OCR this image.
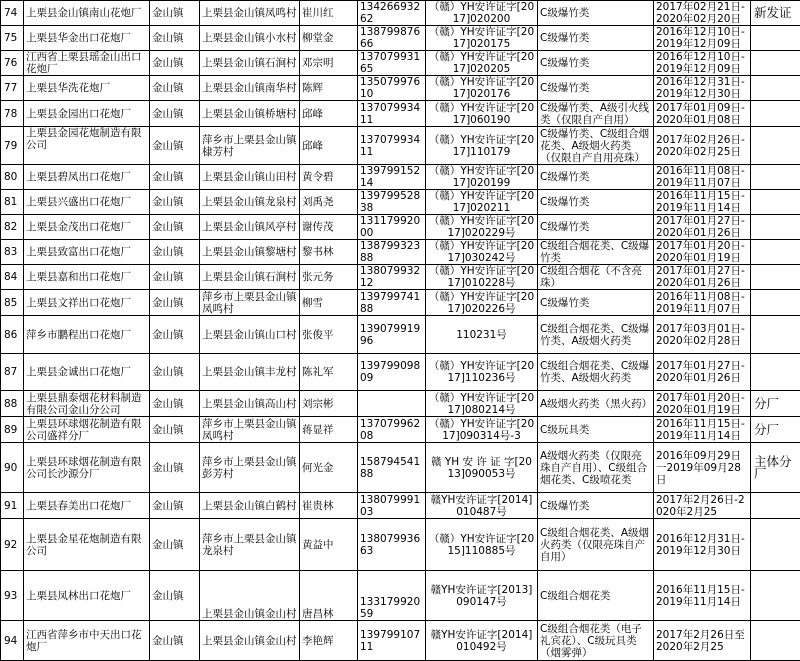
74	上栗县金山镇南山花炮厂	金山镇	上栗县金山镇凤鸣村	崔川红	13426693262	（赣）YH安许证字[2017]020200	C级爆竹类	2017年02月21日-2020年02月20日	新发证
75	上栗县华金出口花炮厂	金山镇	上栗县金山镇小水村	柳堂金	13879987666	（赣）YH安许证字[2017]020175	C级爆竹类	2016年12月10日-2019年12月09日	
76	江西省上栗县瑶金山出口花炮厂	金山镇	上栗县金山镇石涧村	邓宗明	13707993165	（赣）YH安许证字[2017]020205	C级爆竹类	2016年12月10日-2019年12月09日	
77	上栗县华洗花炮厂	金山镇	上栗县金山镇南华村	陈辉	13507997610	（赣）YH安许证字[2017]020176	C级爆竹类	2016年12月31日-2019年12月30日	
78	上栗县金园出口花炮厂	金山镇	上栗县金山镇桥塘村	邱峰	13707993411	（赣）YH安许证字[2017]060190	C级爆竹类、A级引火线类（仅限自产自用）	2017年01月09日-2020年01月08日	
79	上栗县金园花炮制造有限公司	金山镇	萍乡市上栗县金山镇棣芳村	邱峰	13707993411	（赣）YH安许证字[2017]110179	C级爆竹类、C级组合烟花类、A级烟火药类（仅限自产自用亮珠）	2017年02月26日-2020年02月25日	
80	上栗县碧凤出口花炮厂	金山镇	上栗县金山镇山田村	黄令碧	13979915214	（赣）YH安许证字[2017]020199	C级爆竹类	2016年11月08日-2019年11月07日	
81	上栗县兴盛出口花炮厂	金山镇	上栗县金山镇龙泉村	刘禹尧	13979952838	（赣）YH安许证字[2017]020211	C级爆竹类	2016年11月15日-2019年11月14日	
82	上栗县金茂出口花炮厂	金山镇	上栗县金山镇风亭村	谢传茂	13117992000	（赣）YH安许证字[2017]020229号	C级爆竹类	2017年01月27日-2020年01月26日	
83	上栗县致富出口花炮厂	金山镇	上栗县金山镇黎塘村	黎书林	13879932388	（赣）YH安许证字[2017]030242号	C级组合烟花类、C级爆竹类	2017年01月20日-2020年01月19日	
84	上栗县嘉和出口花炮厂	金山镇	上栗县金山镇石涧村	张元务	13807993212	（赣）YH安许证字[2017]010228号	C级组合烟花（不含亮珠）	2017年01月27日-2020年01月26日	
85	上栗县文祥出口花炮厂	金山镇	萍乡市上栗县金山镇凤鸣村	柳雪	13979974188	（赣）YH安许证字[2017]020226号	C级爆竹类	2016年11月08日-2019年11月07日	
86	萍乡市鹏程出口花炮厂	金山镇	上栗县金山镇山口村	张俊平	13907991996	110231号	C级组合烟花类、C级爆竹类、A级烟火药类	2017年03月01日-2020年02月28日	
87	上栗县金诚出口花炮厂	金山镇	上栗县金山镇丰龙村	陈礼军	13979909809	（赣）YH安许证字[2017]110236号	C级组合烟花类、C级爆竹类、A级烟火药类	2017年01月27日-2020年01月26日	
88	上栗县鼎泰烟花材料制造有限公司金山分公司	金山镇	上栗县金山镇高山村	刘宗彬		（赣）YH安许证字[2017]080214号	A级烟火药类（黑火药）	2017年01月20日-2020年01月19日	分厂
89	上栗县环球烟花制造有限公司盛祥分厂	金山镇	萍乡市上栗县金山镇凤鸣村	蒋显祥	13707996208	（赣）YH安许证字[2017]090314号-3	C级玩具类	2016年11月15日-2019年11月14日	分厂
90	上栗县环球烟花制造有限公司长沙源分厂	金山镇	萍乡市上栗县金山镇彭芳村	何光金	15879454188	赣 YH 安 许 证 字[2013]090053号	A级烟火药类（仅限亮珠自产自用）、C级组合烟花类、C级喷花类	2016年09月29日一2019年09月28日	主体分厂
91	上栗县春美出口花炮厂	金山镇	上栗县金山镇白鹤村	崔贵林	13807999103	赣YH安许证字[2014]010487号	C级爆竹类	2017年2月26日-2020年2月25	
92	上栗县金星花炮制造有限公司	金山镇	萍乡市上栗县金山镇龙泉村	黄益中	13807993663	（赣）YH安许证字[2015]110885号	C级组合烟花类、A级烟火药类（仅限亮珠自产自用）	2016年12月31日-2019年12月30日	
93	上栗县凤林出口花炮厂	金山镇	上栗县金山镇金山村	唐昌林	13317992059	赣YH安许证字[2013]090147号	C级组合烟花类	2016年11月15日-2019年11月14日	
94	江西省萍乡市中天出口花炮厂	金山镇	上栗县金山镇金山村	李艳辉	13979910711	赣YH安许证字[2014]010492号	C级组合烟花类（电子礼宾花）、C级玩具类（烟雾弹）	2017年2月26日至2020年2月25	
